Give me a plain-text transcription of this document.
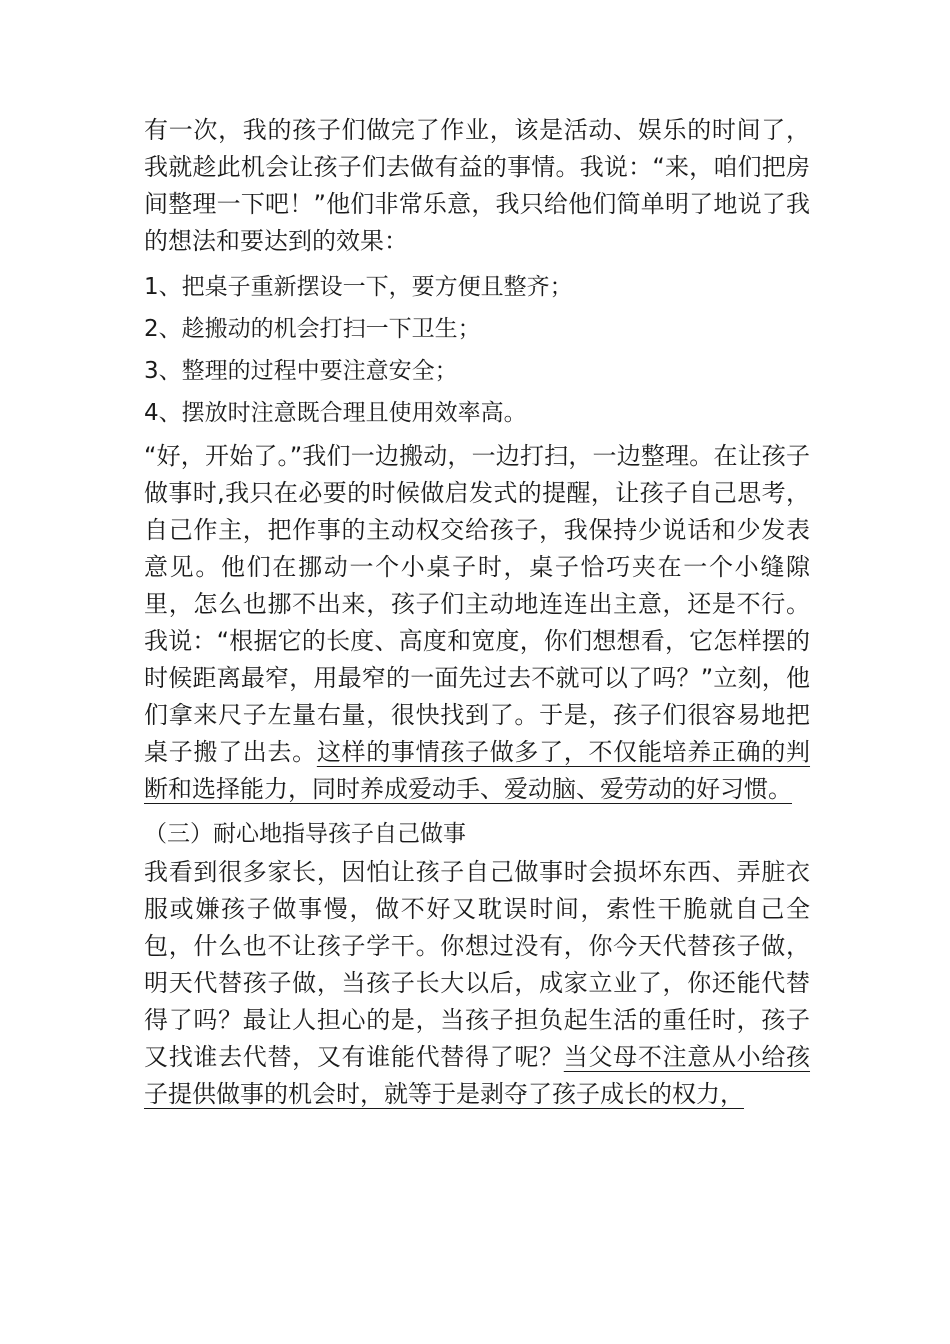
有一次，我的孩子们做完了作业，该是活动、娱乐的时间了，我就趁此机会让孩子们去做有益的事情。我说：“来，咱们把房间整理一下吧！”他们非常乐意，我只给他们简单明了地说了我的想法和要达到的效果：

1、把桌子重新摆设一下，要方便且整齐；

2、趁搬动的机会打扫一下卫生；

3、整理的过程中要注意安全；

4、摆放时注意既合理且使用效率高。

“好，开始了。”我们一边搬动，一边打扫，一边整理。在让孩子做事时,我只在必要的时候做启发式的提醒，让孩子自己思考，自己作主，把作事的主动权交给孩子，我保持少说话和少发表意见。他们在挪动一个小桌子时，桌子恰巧夹在一个小缝隙里，怎么也挪不出来，孩子们主动地连连出主意，还是不行。我说：“根据它的长度、高度和宽度，你们想想看，它怎样摆的时候距离最窄，用最窄的一面先过去不就可以了吗？”立刻，他们拿来尺子左量右量，很快找到了。于是，孩子们很容易地把桌子搬了出去。这样的事情孩子做多了，不仅能培养正确的判断和选择能力，同时养成爱动手、爱动脑、爱劳动的好习惯。

（三）耐心地指导孩子自己做事

我看到很多家长，因怕让孩子自己做事时会损坏东西、弄脏衣服或嫌孩子做事慢，做不好又耽误时间，索性干脆就自己全包，什么也不让孩子学干。你想过没有，你今天代替孩子做，明天代替孩子做，当孩子长大以后，成家立业了，你还能代替得了吗？最让人担心的是，当孩子担负起生活的重任时，孩子又找谁去代替，又有谁能代替得了呢？当父母不注意从小给孩子提供做事的机会时，就等于是剥夺了孩子成长的权力，
